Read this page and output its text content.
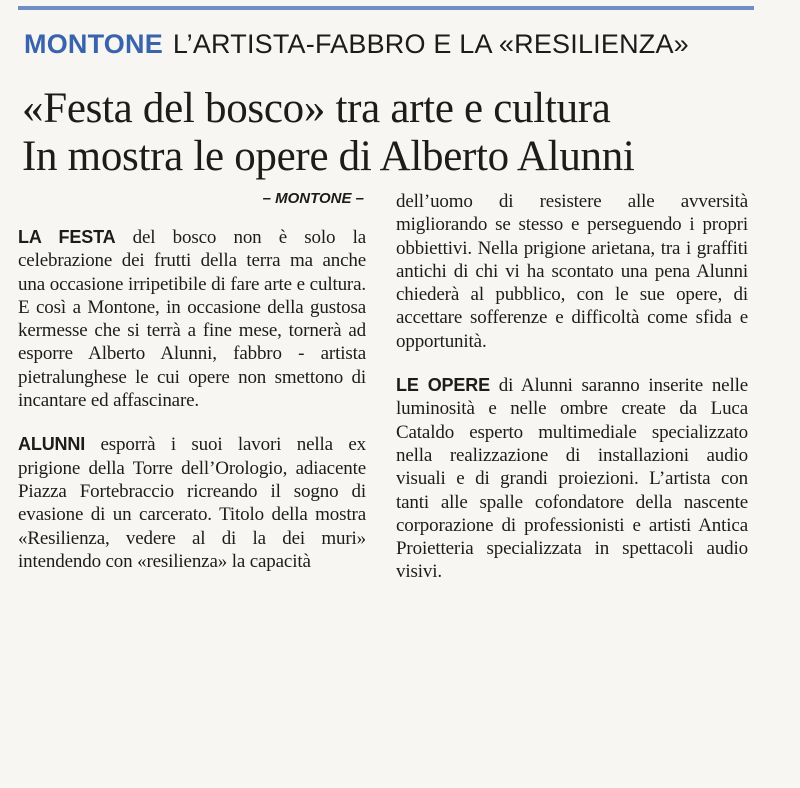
MONTONE L’ARTISTA-FABBRO E LA «RESILIENZA»
«Festa del bosco» tra arte e cultura
In mostra le opere di Alberto Alunni
– MONTONE –

LA FESTA del bosco non è solo la celebrazione dei frutti della terra ma anche una occasione irripetibile di fare arte e cultura. E così a Montone, in occasione della gustosa kermesse che si terrà a fine mese, tornerà ad esporre Alberto Alunni, fabbro - artista pietralunghese le cui opere non smettono di incantare ed affascinare.

ALUNNI esporrà i suoi lavori nella ex prigione della Torre dell’Orologio, adiacente Piazza Fortebraccio ricreando il sogno di evasione di un carcerato. Titolo della mostra «Resilienza, vedere al di la dei muri» intendendo con «resilienza» la capacità

dell’uomo di resistere alle avversità migliorando se stesso e perseguendo i propri obbiettivi. Nella prigione arietana, tra i graffiti antichi di chi vi ha scontato una pena Alunni chiederà al pubblico, con le sue opere, di accettare sofferenze e difficoltà come sfida e opportunità.

LE OPERE di Alunni saranno inserite nelle luminosità e nelle ombre create da Luca Cataldo esperto multimediale specializzato nella realizzazione di installazioni audio visuali e di grandi proiezioni. L’artista con tanti alle spalle cofondatore della nascente corporazione di professionisti e artisti Antica Proietteria specializzata in spettacoli audio visivi.
